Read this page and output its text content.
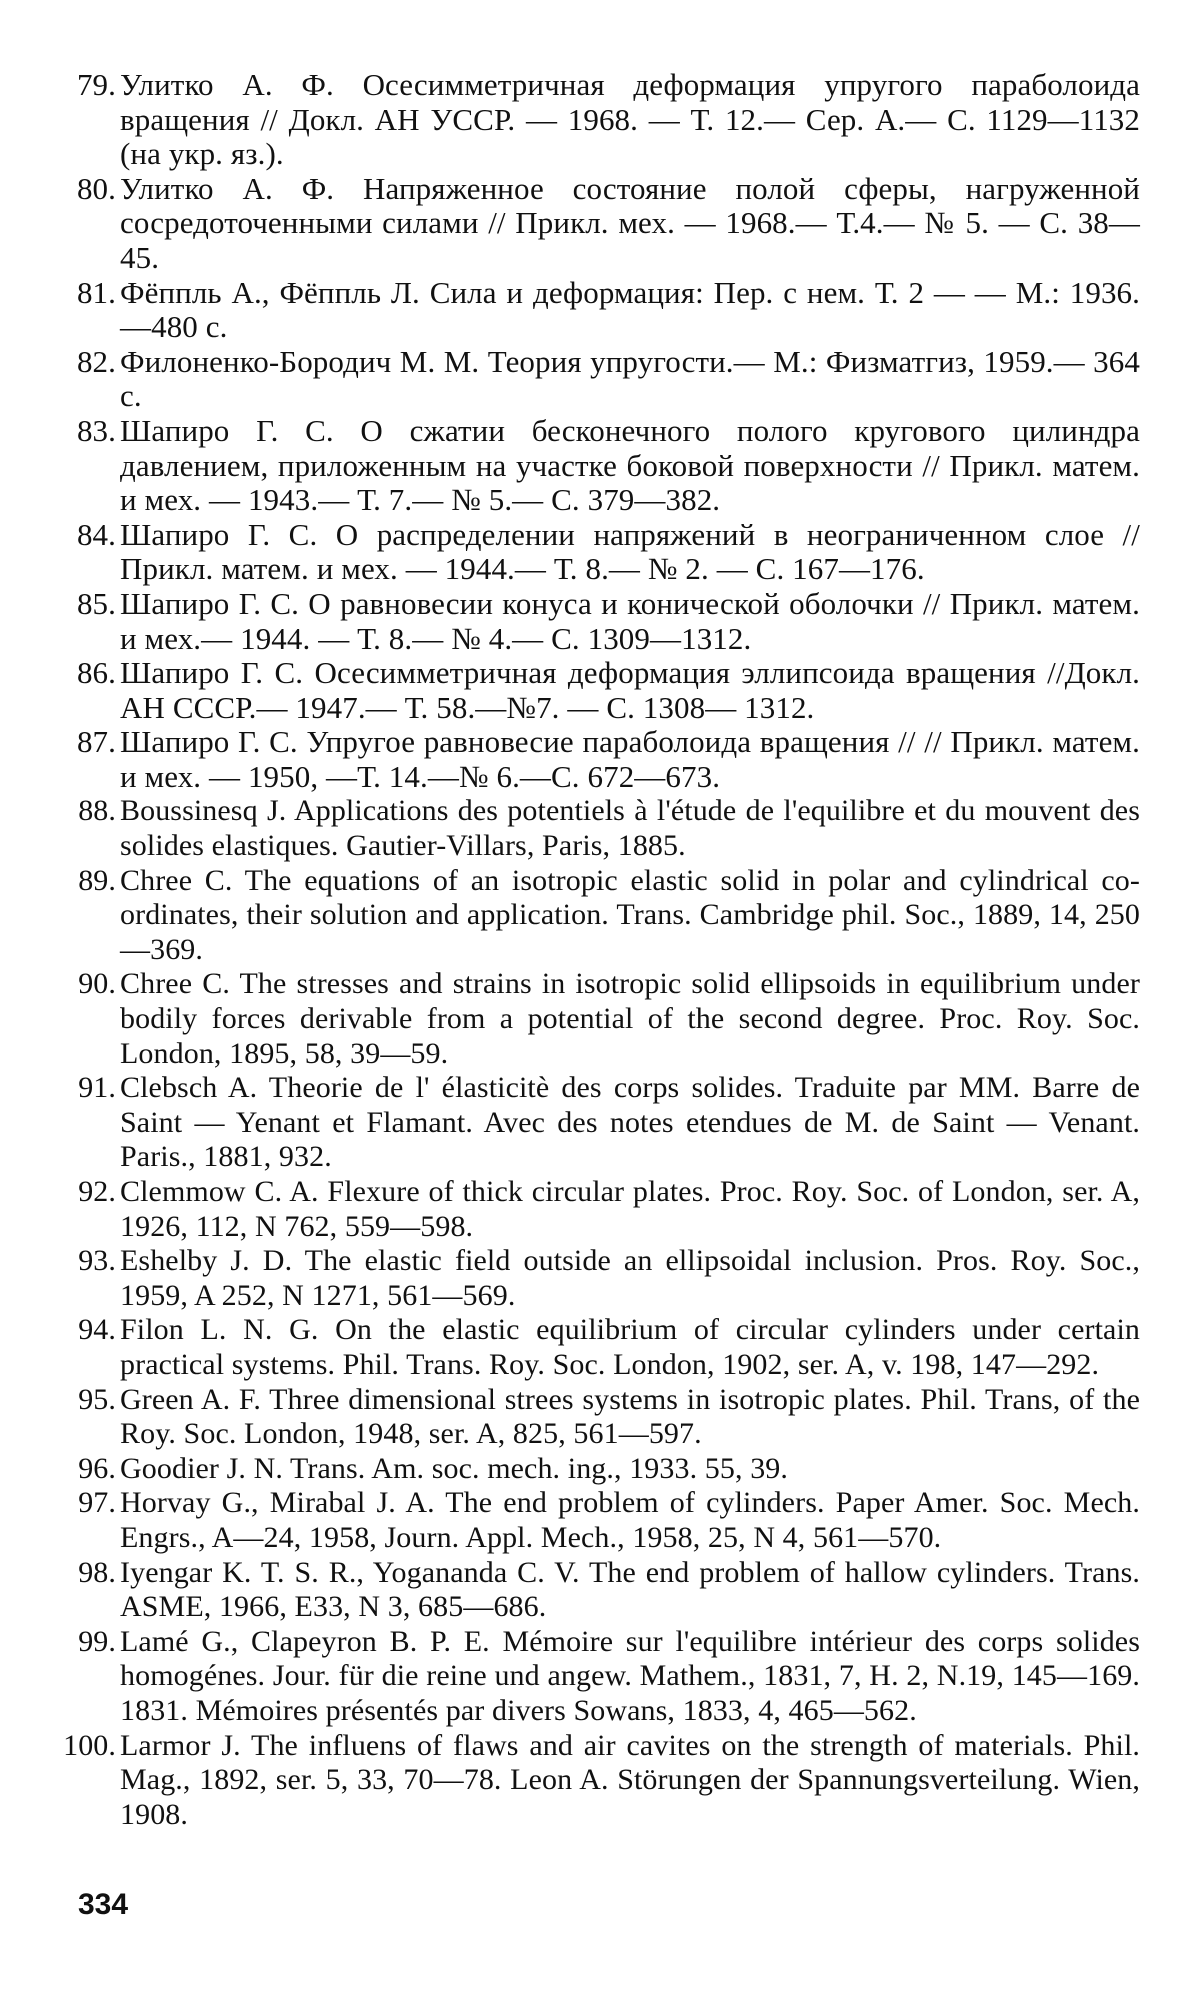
79. Улитко А. Ф. Осесимметричная деформация упругого параболоида вращения // Докл. АН УССР. — 1968. — Т. 12.— Сер. А.— С. 1129—1132 (на укр. яз.).
80. Улитко А. Ф. Напряженное состояние полой сферы, нагруженной сосредоточенными силами // Прикл. мех. — 1968.— Т.4.— № 5. — С. 38—45.
81. Фёппль А., Фёппль Л. Сила и деформация: Пер. с нем. Т. 2 — — М.: 1936. —480 с.
82. Филоненко-Бородич М. М. Теория упругости.— М.: Физматгиз, 1959.— 364 с.
83. Шапиро Г. С. О сжатии бесконечного полого кругового цилиндра давлением, приложенным на участке боковой поверхности // Прикл. матем. и мех. — 1943.— Т. 7.— № 5.— С. 379—382.
84. Шапиро Г. С. О распределении напряжений в неограниченном слое // Прикл. матем. и мех. — 1944.— Т. 8.— № 2. — С. 167—176.
85. Шапиро Г. С. О равновесии конуса и конической оболочки // Прикл. матем. и мех.— 1944. — Т. 8.— № 4.— С. 1309—1312.
86. Шапиро Г. С. Осесимметричная деформация эллипсоида вращения //Докл. АН СССР.— 1947.— Т. 58.—№7. — С. 1308— 1312.
87. Шапиро Г. С. Упругое равновесие параболоида вращения // // Прикл. матем. и мех. — 1950, —Т. 14.—№ 6.—С. 672—673.
88. Boussinesq J. Applications des potentiels à l'étude de l'equilibre et du mouvent des solides elastiques. Gautier-Villars, Paris, 1885.
89. Chree C. The equations of an isotropic elastic solid in polar and cylindrical co-ordinates, their solution and application. Trans. Cambridge phil. Soc., 1889, 14, 250—369.
90. Chree C. The stresses and strains in isotropic solid ellipsoids in equilibrium under bodily forces derivable from a potential of the second degree. Proc. Roy. Soc. London, 1895, 58, 39—59.
91. Clebsch A. Theorie de l' élasticitè des corps solides. Traduite par MM. Barre de Saint — Yenant et Flamant. Avec des notes etendues de M. de Saint — Venant. Paris., 1881, 932.
92. Clemmow C. A. Flexure of thick circular plates. Proc. Roy. Soc. of London, ser. A, 1926, 112, N 762, 559—598.
93. Eshelby J. D. The elastic field outside an ellipsoidal inclusion. Pros. Roy. Soc., 1959, A 252, N 1271, 561—569.
94. Filon L. N. G. On the elastic equilibrium of circular cylinders under certain practical systems. Phil. Trans. Roy. Soc. London, 1902, ser. A, v. 198, 147—292.
95. Green A. F. Three dimensional strees systems in isotropic plates. Phil. Trans, of the Roy. Soc. London, 1948, ser. A, 825, 561—597.
96. Goodier J. N. Trans. Am. soc. mech. ing., 1933. 55, 39.
97. Horvay G., Mirabal J. A. The end problem of cylinders. Paper Amer. Soc. Mech. Engrs., A—24, 1958, Journ. Appl. Mech., 1958, 25, N 4, 561—570.
98. Iyengar K. T. S. R., Yogananda C. V. The end problem of hallow cylinders. Trans. ASME, 1966, E33, N 3, 685—686.
99. Lamé G., Clapeyron B. P. E. Mémoire sur l'equilibre intérieur des corps solides homogénes. Jour. für die reine und angew. Mathem., 1831, 7, H. 2, N.19, 145—169. 1831. Mémoires présentés par divers Sowans, 1833, 4, 465—562.
100. Larmor J. The influens of flaws and air cavites on the strength of materials. Phil. Mag., 1892, ser. 5, 33, 70—78. Leon A. Störungen der Spannungsverteilung. Wien, 1908.
334
